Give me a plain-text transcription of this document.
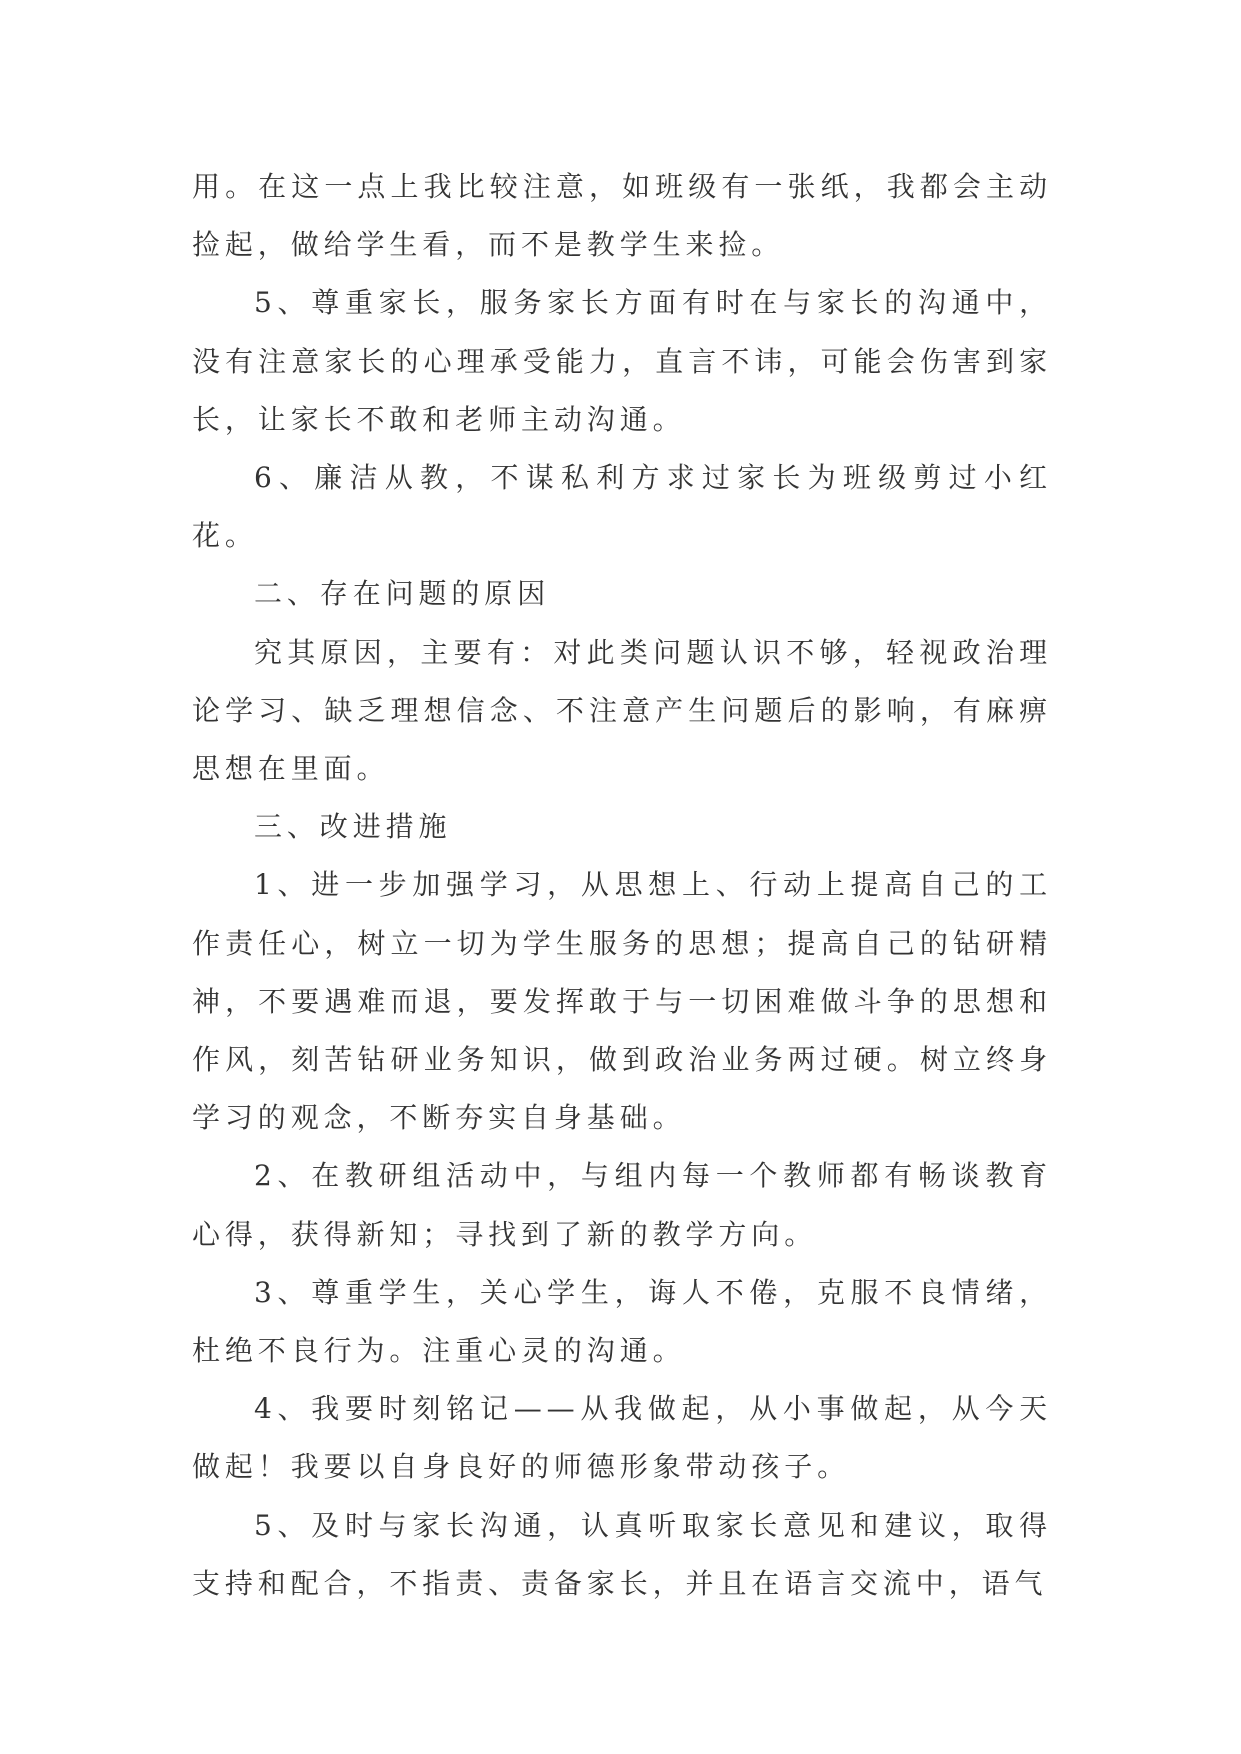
用。在这一点上我比较注意，如班级有一张纸，我都会主动捡起，做给学生看，而不是教学生来捡。

5、尊重家长，服务家长方面有时在与家长的沟通中，没有注意家长的心理承受能力，直言不讳，可能会伤害到家长，让家长不敢和老师主动沟通。

6、廉洁从教，不谋私利方求过家长为班级剪过小红花。

二、存在问题的原因

究其原因，主要有：对此类问题认识不够，轻视政治理论学习、缺乏理想信念、不注意产生问题后的影响，有麻痹思想在里面。

三、改进措施

1、进一步加强学习，从思想上、行动上提高自己的工作责任心，树立一切为学生服务的思想；提高自己的钻研精神，不要遇难而退，要发挥敢于与一切困难做斗争的思想和作风，刻苦钻研业务知识，做到政治业务两过硬。树立终身学习的观念，不断夯实自身基础。

2、在教研组活动中，与组内每一个教师都有畅谈教育心得，获得新知；寻找到了新的教学方向。

3、尊重学生，关心学生，诲人不倦，克服不良情绪，杜绝不良行为。注重心灵的沟通。

4、我要时刻铭记——从我做起，从小事做起，从今天做起！我要以自身良好的师德形象带动孩子。

5、及时与家长沟通，认真听取家长意见和建议，取得支持和配合，不指责、责备家长，并且在语言交流中，语气
